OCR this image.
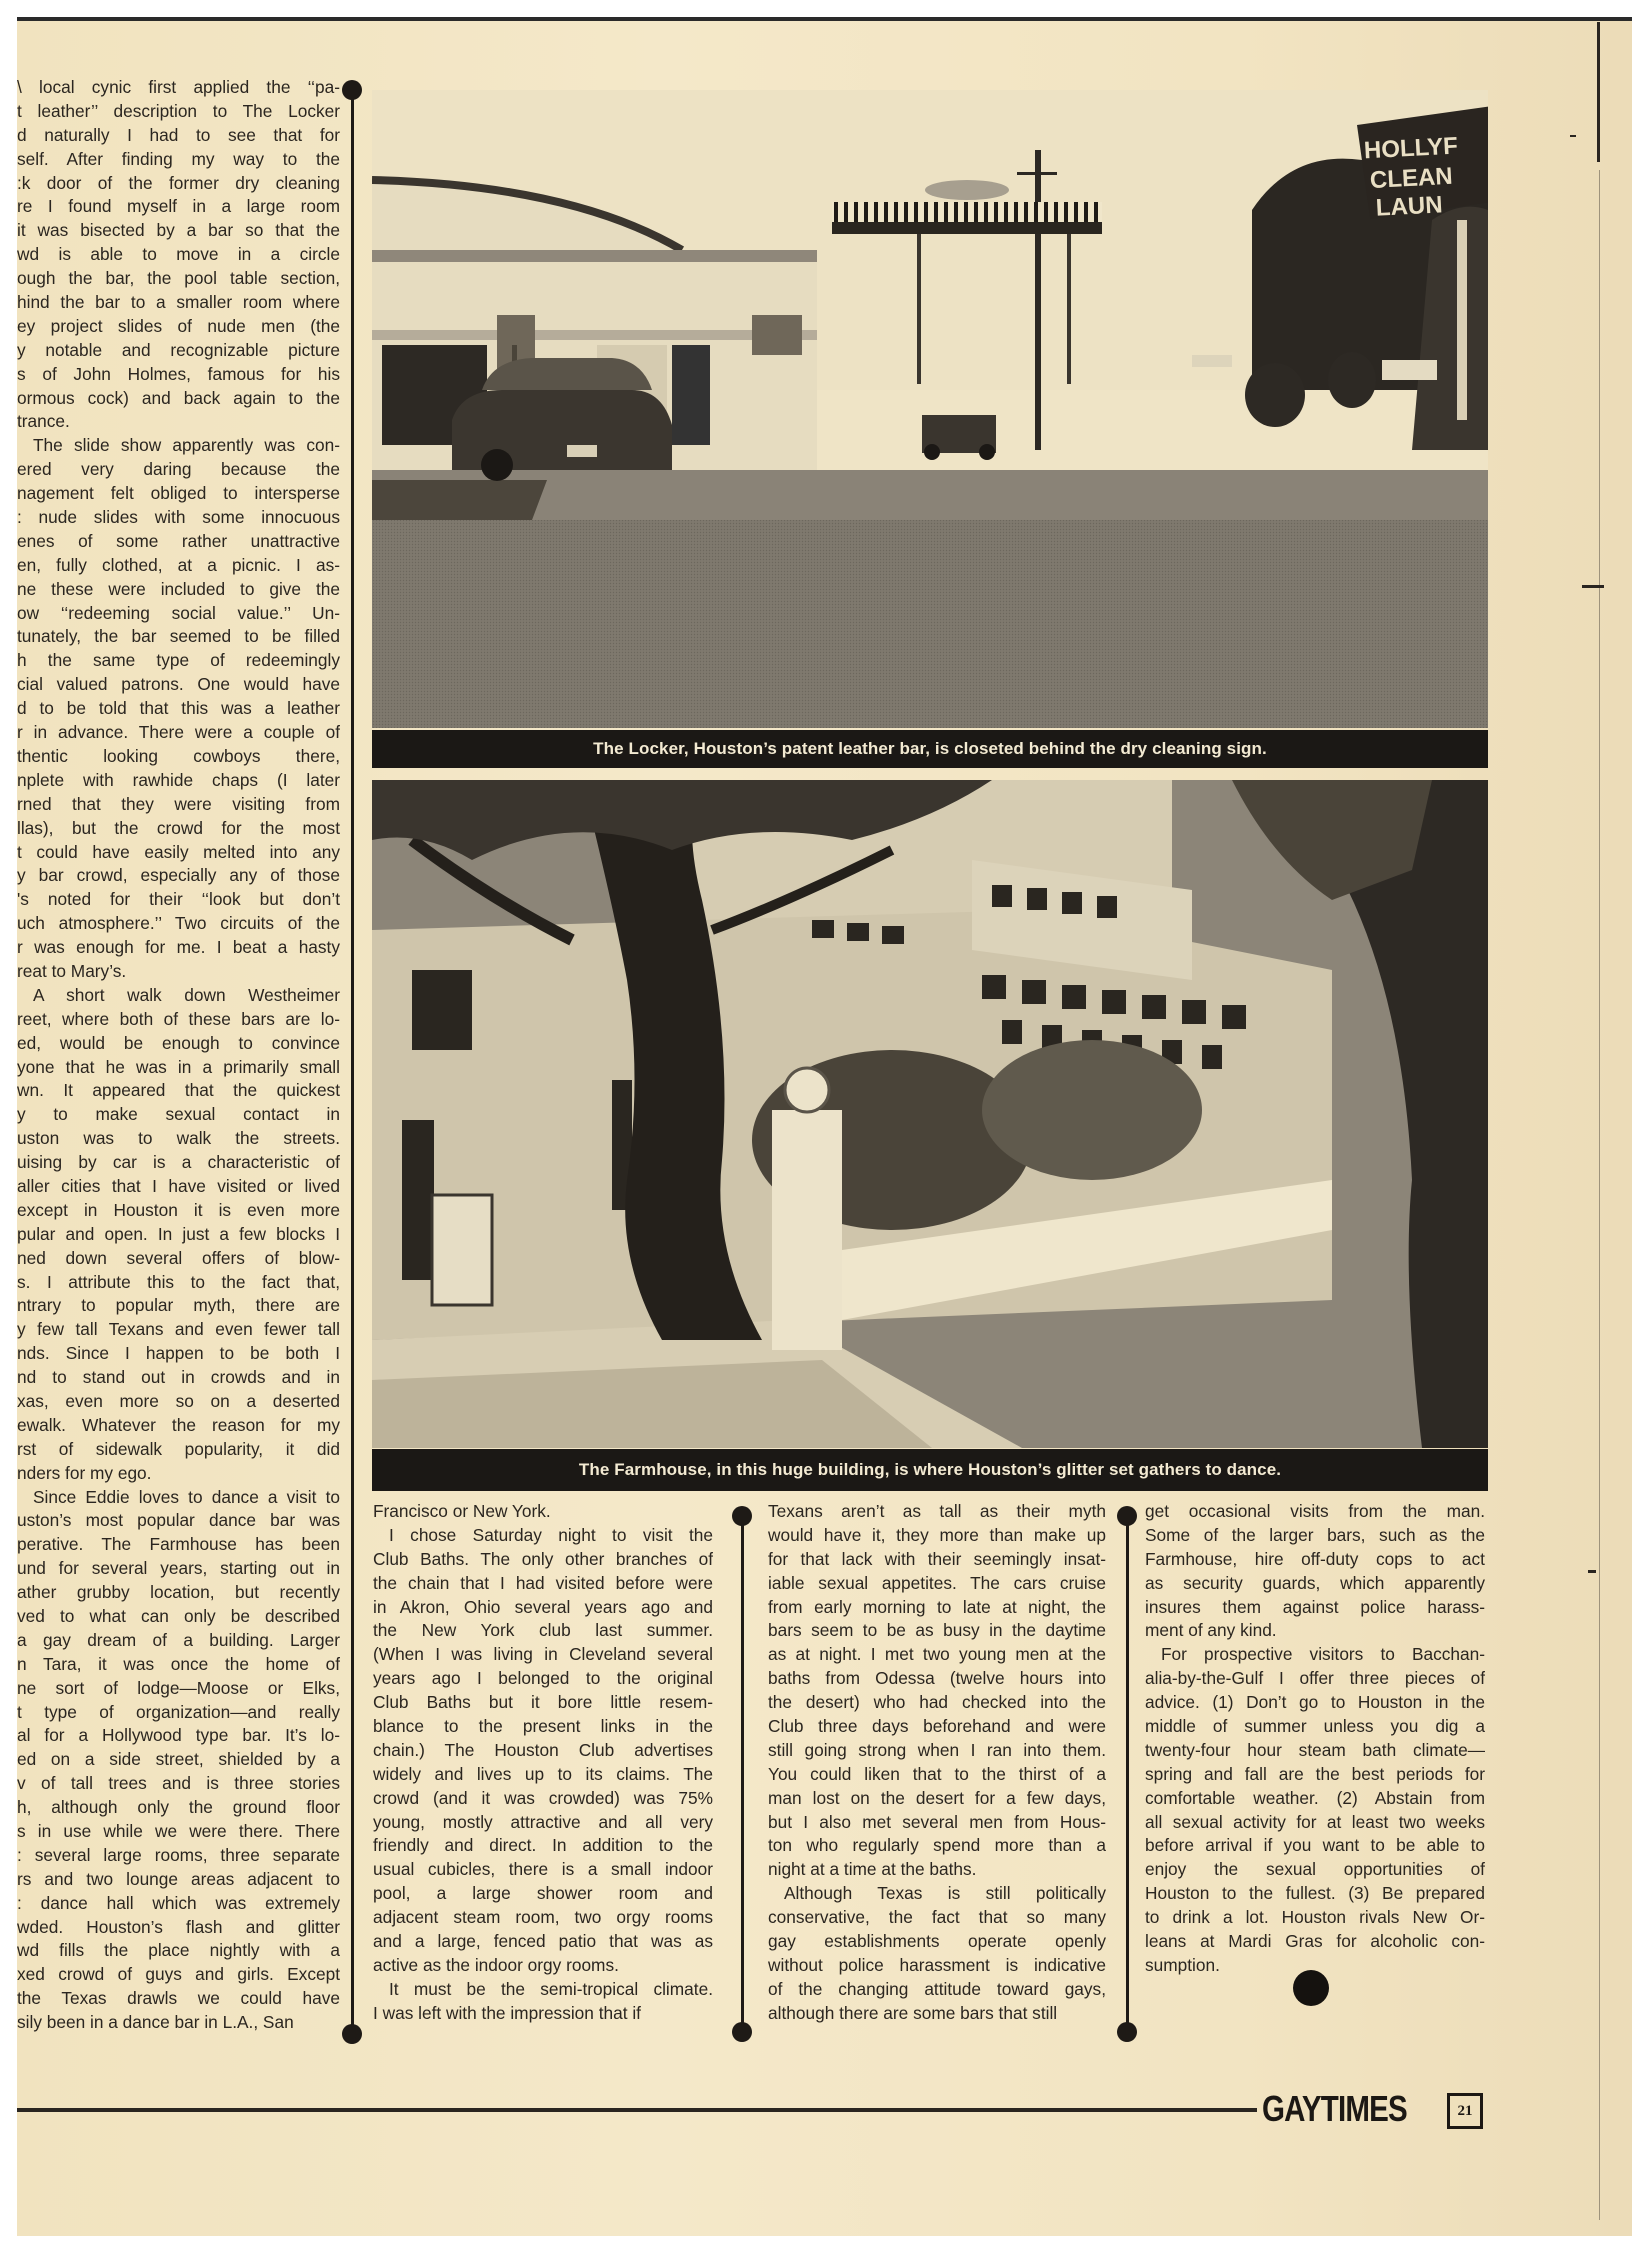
\ local cynic first applied the ‘‘pa-
t leather’’ description to The Locker
d naturally I had to see that for
self. After finding my way to the
:k door of the former dry cleaning
re I found myself in a large room
it was bisected by a bar so that the
wd is able to move in a circle
ough the bar, the pool table section,
hind the bar to a smaller room where
ey project slides of nude men (the
y notable and recognizable picture
s of John Holmes, famous for his
ormous cock) and back again to the
trance.
The slide show apparently was con-
ered very daring because the
nagement felt obliged to intersperse
: nude slides with some innocuous
enes of some rather unattractive
en, fully clothed, at a picnic. I as-
ne these were included to give the
ow ‘‘redeeming social value.’’ Un-
tunately, the bar seemed to be filled
h the same type of redeemingly
cial valued patrons. One would have
d to be told that this was a leather
r in advance. There were a couple of
thentic looking cowboys there,
nplete with rawhide chaps (I later
rned that they were visiting from
llas), but the crowd for the most
t could have easily melted into any
y bar crowd, especially any of those
's noted for their ‘‘look but don’t
uch atmosphere.’’ Two circuits of the
r was enough for me. I beat a hasty
reat to Mary’s.
A short walk down Westheimer
reet, where both of these bars are lo-
ed, would be enough to convince
yone that he was in a primarily small
wn. It appeared that the quickest
y to make sexual contact in
uston was to walk the streets.
uising by car is a characteristic of
aller cities that I have visited or lived
except in Houston it is even more
pular and open. In just a few blocks I
ned down several offers of blow-
s. I attribute this to the fact that,
ntrary to popular myth, there are
y few tall Texans and even fewer tall
nds. Since I happen to be both I
nd to stand out in crowds and in
xas, even more so on a deserted
ewalk. Whatever the reason for my
rst of sidewalk popularity, it did
nders for my ego.
Since Eddie loves to dance a visit to
uston’s most popular dance bar was
perative. The Farmhouse has been
und for several years, starting out in
ather grubby location, but recently
ved to what can only be described
a gay dream of a building. Larger
n Tara, it was once the home of
ne sort of lodge—Moose or Elks,
t type of organization—and really
al for a Hollywood type bar. It’s lo-
ed on a side street, shielded by a
v of tall trees and is three stories
h, although only the ground floor
s in use while we were there. There
: several large rooms, three separate
rs and two lounge areas adjacent to
: dance hall which was extremely
wded. Houston’s flash and glitter
wd fills the place nightly with a
xed crowd of guys and girls. Except
the Texas drawls we could have
sily been in a dance bar in L.A., San
HOLLYF
CLEAN
LAUN
The Locker, Houston’s patent leather bar, is closeted behind the dry cleaning sign.
The Farmhouse, in this huge building, is where Houston’s glitter set gathers to dance.
Francisco or New York.
I chose Saturday night to visit the
Club Baths. The only other branches of
the chain that I had visited before were
in Akron, Ohio several years ago and
the New York club last summer.
(When I was living in Cleveland several
years ago I belonged to the original
Club Baths but it bore little resem-
blance to the present links in the
chain.) The Houston Club advertises
widely and lives up to its claims. The
crowd (and it was crowded) was 75%
young, mostly attractive and all very
friendly and direct. In addition to the
usual cubicles, there is a small indoor
pool, a large shower room and
adjacent steam room, two orgy rooms
and a large, fenced patio that was as
active as the indoor orgy rooms.
It must be the semi-tropical climate.
I was left with the impression that if
Texans aren’t as tall as their myth
would have it, they more than make up
for that lack with their seemingly insat-
iable sexual appetites. The cars cruise
from early morning to late at night, the
bars seem to be as busy in the daytime
as at night. I met two young men at the
baths from Odessa (twelve hours into
the desert) who had checked into the
Club three days beforehand and were
still going strong when I ran into them.
You could liken that to the thirst of a
man lost on the desert for a few days,
but I also met several men from Hous-
ton who regularly spend more than a
night at a time at the baths.
Although Texas is still politically
conservative, the fact that so many
gay establishments operate openly
without police harassment is indicative
of the changing attitude toward gays,
although there are some bars that still
get occasional visits from the man.
Some of the larger bars, such as the
Farmhouse, hire off-duty cops to act
as security guards, which apparently
insures them against police harass-
ment of any kind.
For prospective visitors to Bacchan-
alia-by-the-Gulf I offer three pieces of
advice. (1) Don’t go to Houston in the
middle of summer unless you dig a
twenty-four hour steam bath climate—
spring and fall are the best periods for
comfortable weather. (2) Abstain from
all sexual activity for at least two weeks
before arrival if you want to be able to
enjoy the sexual opportunities of
Houston to the fullest. (3) Be prepared
to drink a lot. Houston rivals New Or-
leans at Mardi Gras for alcoholic con-
sumption.
GAYTIMES	21
